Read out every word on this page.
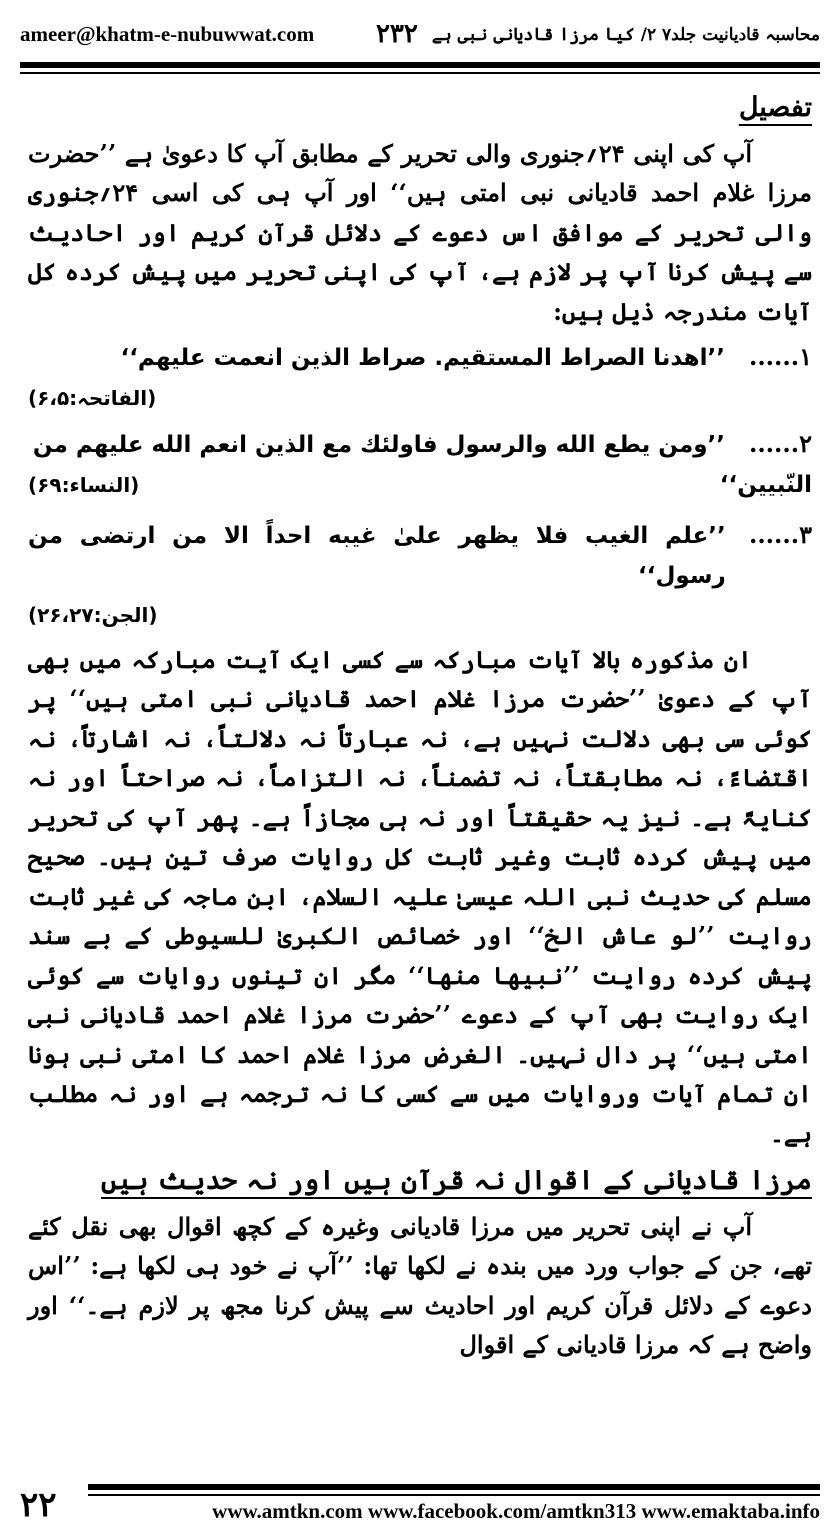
ameer@khatm-e-nubuwwat.com	محاسبہ قادیانیت جلد۷ ۲/ کیا مرزا قادیانی نبی ہے
۲۳۲
تفصیل

آپ کی اپنی ۲۴؍جنوری والی تحریر کے مطابق آپ کا دعویٰ ہے ’’حضرت مرزا غلام احمد قادیانی نبی امتی ہیں‘‘ اور آپ ہی کی اسی ۲۴؍جنوری والی تحریر کے موافق اس دعوے کے دلائل قرآن کریم اور احادیث سے پیش کرنا آپ پر لازم ہے، آپ کی اپنی تحریر میں پیش کردہ کل آیات مندرجہ ذیل ہیں:

۱......
’’اهدنا الصراط المستقيم. صراط الذين انعمت عليهم‘‘
(الفاتحہ:۶،۵)
۲......
’’ومن يطع الله والرسول فاولئك مع الذين انعم الله عليهم من
النّبيين‘‘
(النساء:۶۹)
۳......
’’علم الغيب فلا يظهر علىٰ غيبه احداً الا من ارتضى من رسول‘‘
(الجن:۲۶،۲۷)

ان مذکورہ بالا آیات مبارکہ سے کسی ایک آیت مبارکہ میں بھی آپ کے دعویٰ ’’حضرت مرزا غلام احمد قادیانی نبی امتی ہیں‘‘ پر کوئی سی بھی دلالت نہیں ہے، نہ عبارتاً نہ دلالتاً، نہ اشارتاً، نہ اقتضاءً، نہ مطابقتاً، نہ تضمناً، نہ التزاماً، نہ صراحتاً اور نہ کنایۃً ہے۔ نیز یہ حقیقتاً اور نہ ہی مجازاً ہے۔ پھر آپ کی تحریر میں پیش کردہ ثابت وغیر ثابت کل روایات صرف تین ہیں۔ صحیح مسلم کی حدیث نبی اللہ عیسیٰ علیہ السلام، ابن ماجہ کی غیر ثابت روایت ’’لو عاش الخ‘‘ اور خصائص الکبریٰ للسیوطی کے بے سند پیش کردہ روایت ’’نبيها منها‘‘ مگر ان تینوں روایات سے کوئی ایک روایت بھی آپ کے دعوے ’’حضرت مرزا غلام احمد قادیانی نبی امتی ہیں‘‘ پر دال نہیں۔ الغرض مرزا غلام احمد کا امتی نبی ہونا ان تمام آیات وروایات میں سے کسی کا نہ ترجمہ ہے اور نہ مطلب ہے۔

مرزا قادیانی کے اقوال نہ قرآن ہیں اور نہ حدیث ہیں

آپ نے اپنی تحریر میں مرزا قادیانی وغیرہ کے کچھ اقوال بھی نقل کئے تھے، جن کے جواب ورد میں بندہ نے لکھا تھا: ’’آپ نے خود ہی لکھا ہے: ’’اس دعوے کے دلائل قرآن کریم اور احادیث سے پیش کرنا مجھ پر لازم ہے۔‘‘ اور واضح ہے کہ مرزا قادیانی کے اقوال

۲۲	www.amtkn.com www.facebook.com/amtkn313 www.emaktaba.info
